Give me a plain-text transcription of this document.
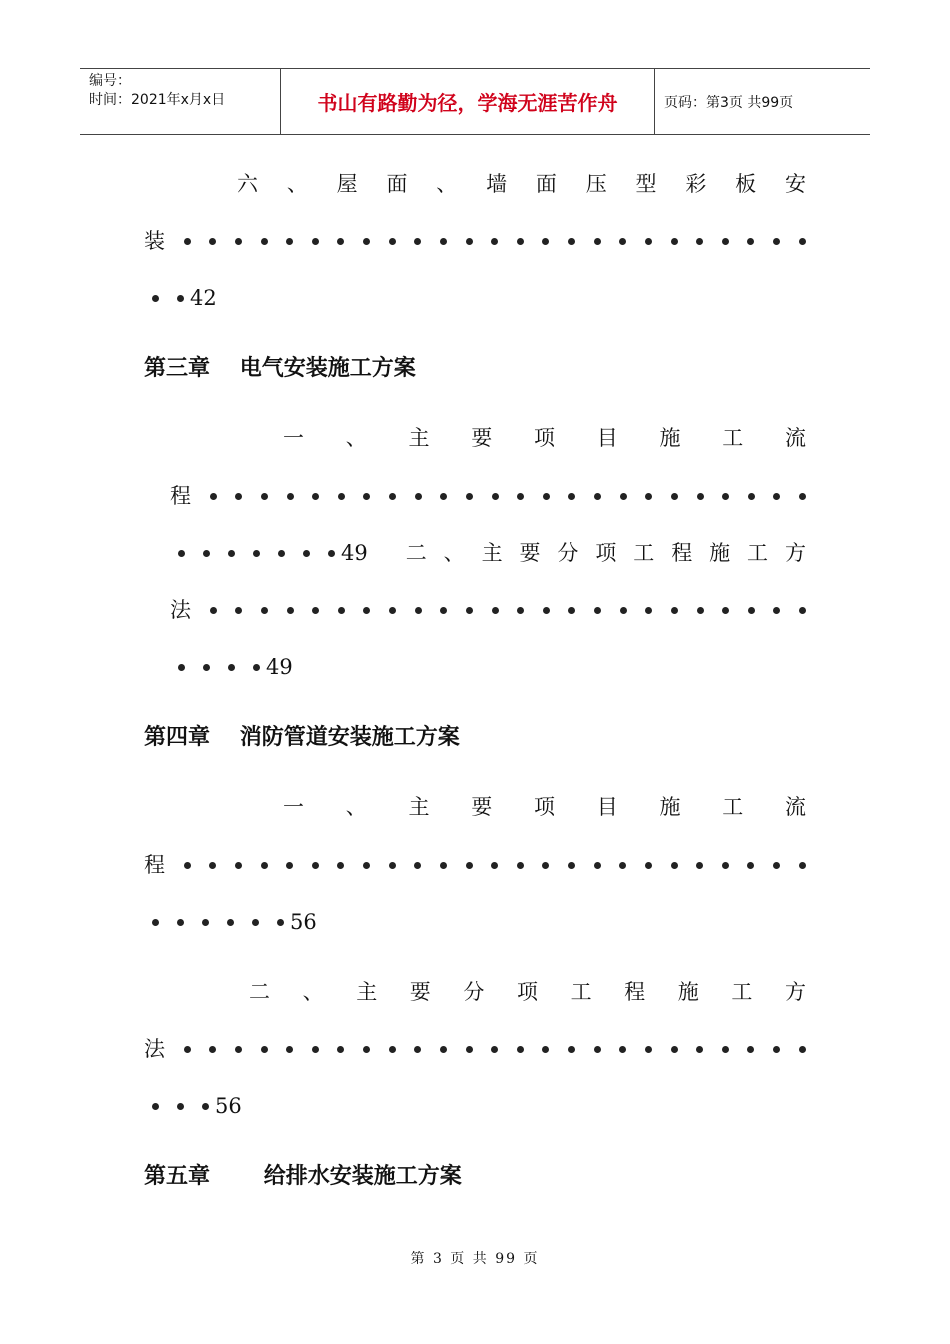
编号：
时间：2021年x月x日	书山有路勤为径，学海无涯苦作舟	页码：第3页 共99页
六 、 屋 面 、 墙 面 压 型 彩 板 安
装
42
第三章 电气安装施工方案
一 、 主 要 项 目 施 工 流
程
49 二 、 主 要 分 项 工 程 施 工 方
法
49
第四章 消防管道安装施工方案
一 、 主 要 项 目 施 工 流
程
56
二 、 主 要 分 项 工 程 施 工 方
法
56
第五章 给排水安装施工方案
第 3 页 共 99 页
